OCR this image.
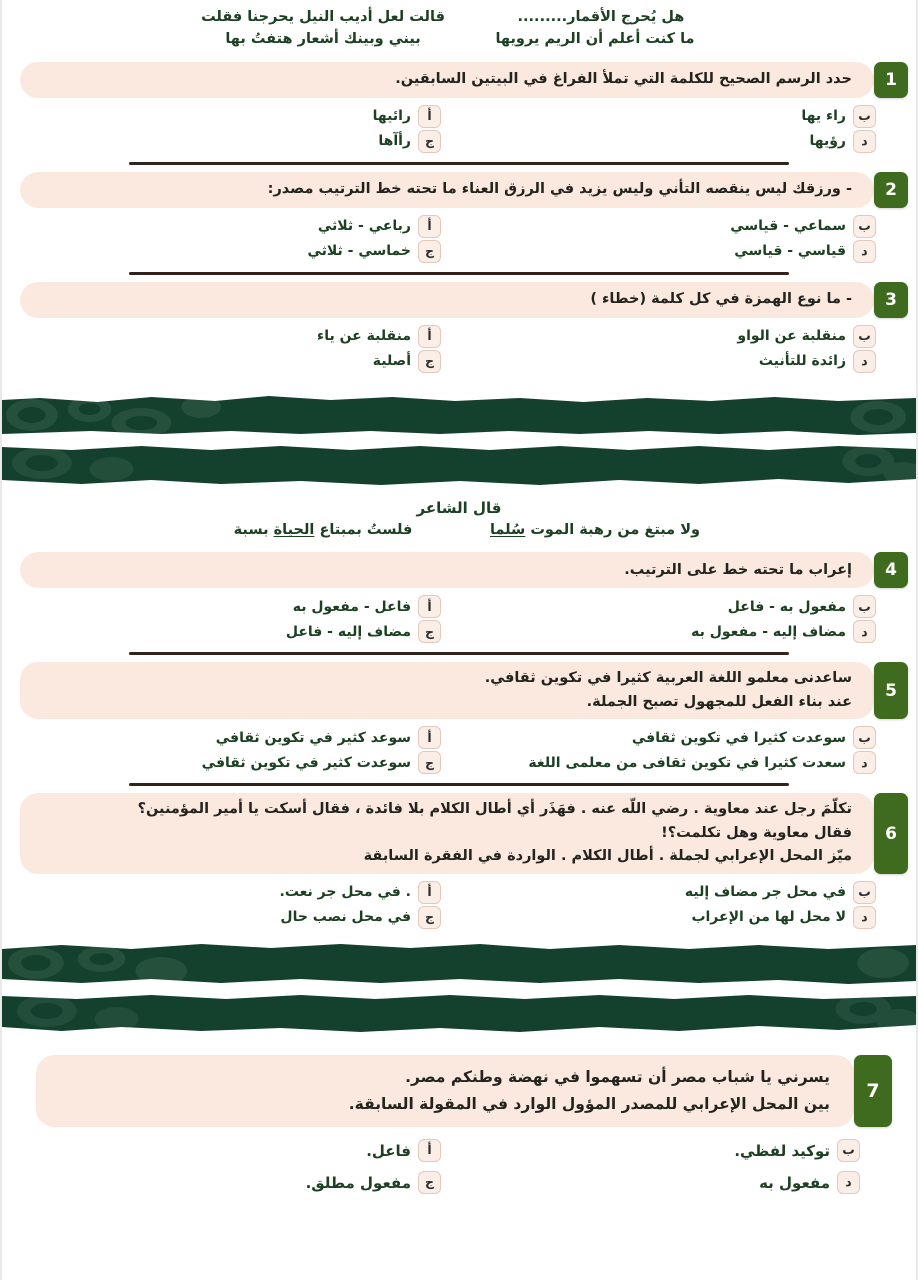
هل يُحرج الأقمار.........
قالت لعل أديب النيل يحرجنا فقلت
ما كنت أعلم أن الريم يرويها
بيني وبينك أشعار هتفتُ بها
1
حدد الرسم الصحيح للكلمة التي تملأ الفراغ في البيتين السابقين.
ب
راء يها
أ
رائيها
د
رؤيها
ج
رأآها
2
- ورزقك ليس ينقصه التأني وليس يزيد في الرزق العناء ما تحته خط الترتيب مصدر:
ب
سماعي - قياسي
أ
رباعي - ثلاثي
د
قياسي - قياسي
ج
خماسي - ثلاثي
3
- ما نوع الهمزة في كل كلمة (خطاء )
ب
منقلبة عن الواو
أ
منقلبة عن ياء
د
زائدة للتأنيث
ج
أصلية
قال الشاعر
ولا مبتغ من رهبة الموت سُلما
فلستُ بمبتاع الحياة بسبة
4
إعراب ما تحته خط على الترتيب.
ب
مفعول به - فاعل
أ
فاعل - مفعول به
د
مضاف إليه - مفعول به
ج
مضاف إليه - فاعل
5
ساعدنى معلمو اللغة العربية كثيرا في تكوين ثقافي.
عند بناء الفعل للمجهول تصبح الجملة.
ب
سوعدت كثيرا في تكوين ثقافي
أ
سوعد كثير في تكوين ثقافي
د
سعدت كثيرا في تكوين ثقافى من معلمى اللغة
ج
سوعدت كثير في تكوين ثقافي
6
تكلّمَ رجل عند معاوية . رضي اللّه عنه . فهَذَر أي أطال الكلام بلا فائدة ، فقال أسكت يا أمير المؤمنين؟
فقال معاوية وهل تكلمت؟!
ميّز المحل الإعرابي لجملة . أطال الكلام . الواردة في الفقرة السابقة
ب
في محل جر مضاف إليه
أ
. في محل جر نعت.
د
لا محل لها من الإعراب
ج
في محل نصب حال
7
يسرني يا شباب مصر أن تسهموا في نهضة وطنكم مصر.
بين المحل الإعرابي للمصدر المؤول الوارد في المقولة السابقة.
ب
توكيد لفظي.
أ
فاعل.
د
مفعول به
ج
مفعول مطلق.
